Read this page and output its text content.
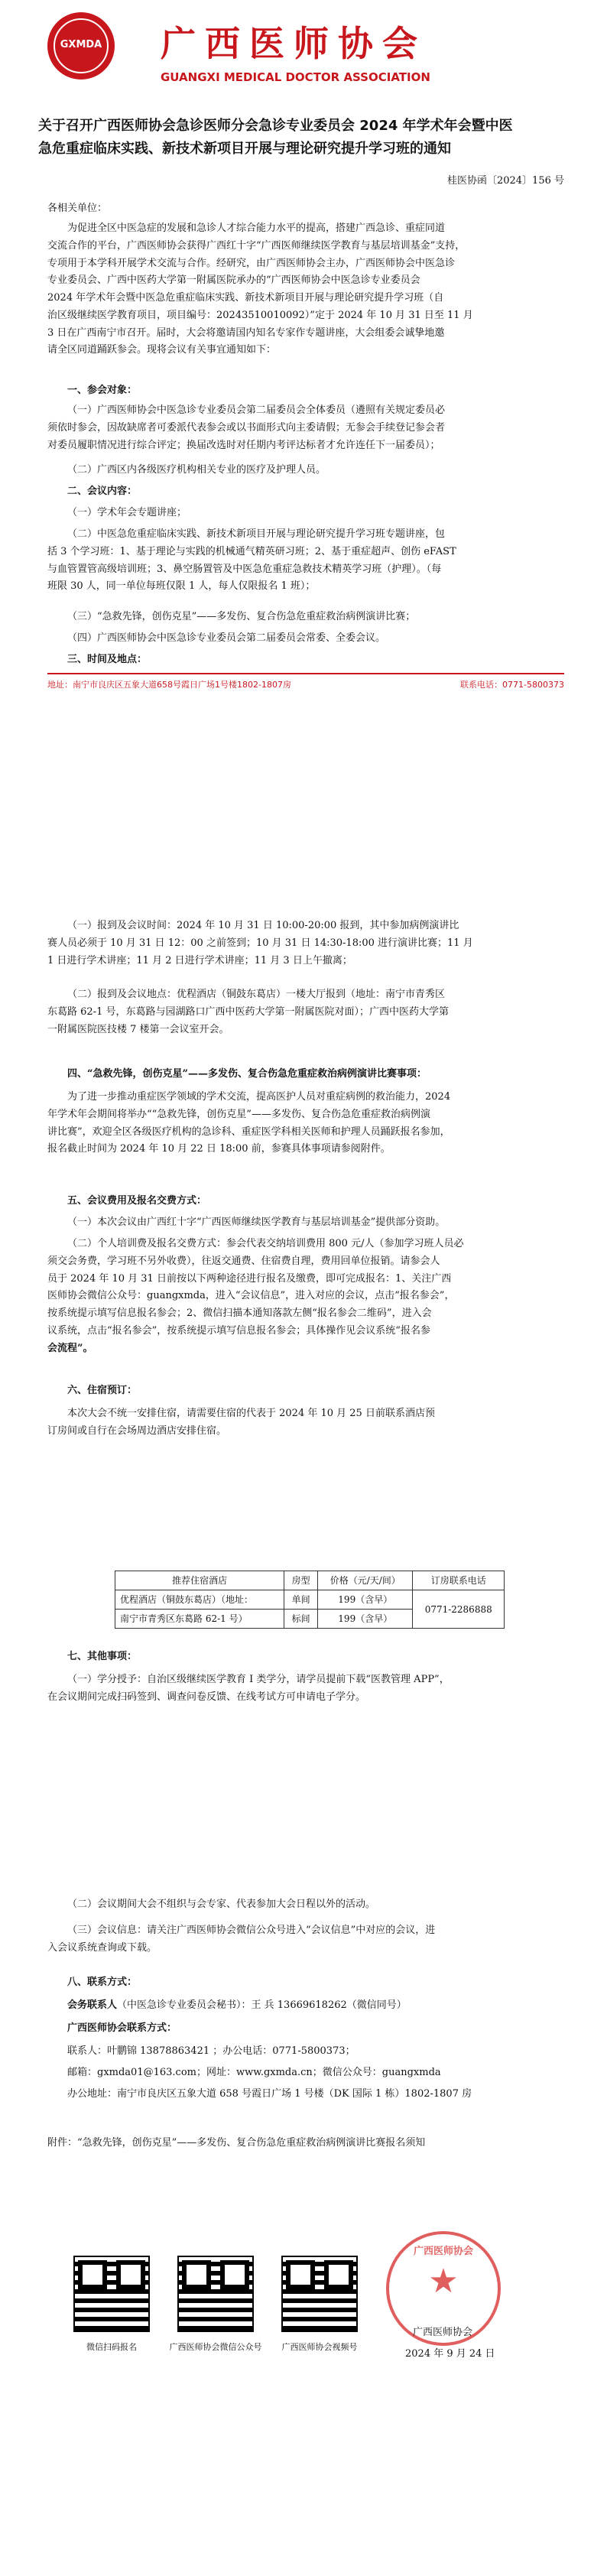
GXMDA	广西医师协会
GUANGXI MEDICAL DOCTOR ASSOCIATION
关于召开广西医师协会急诊医师分会急诊专业委员会 2024 年学术年会暨中医
急危重症临床实践、新技术新项目开展与理论研究提升学习班的通知
桂医协函〔2024〕156 号

各相关单位：

为促进全区中医急症的发展和急诊人才综合能力水平的提高，搭建广西急诊、重症同道
交流合作的平台，广西医师协会获得广西红十字“广西医师继续医学教育与基层培训基金”支持，
专项用于本学科开展学术交流与合作。经研究，由广西医师协会主办，广西医师协会中医急诊
专业委员会、广西中医药大学第一附属医院承办的“广西医师协会中医急诊专业委员会
2024 年学术年会暨中医急危重症临床实践、新技术新项目开展与理论研究提升学习班（自
治区级继续医学教育项目，项目编号：20243510010092）”定于 2024 年 10 月 31 日至 11 月
3 日在广西南宁市召开。届时，大会将邀请国内知名专家作专题讲座，大会组委会诚挚地邀
请全区同道踊跃参会。现将会议有关事宜通知如下：

一、参会对象：

（一）广西医师协会中医急诊专业委员会第二届委员会全体委员（遴照有关规定委员必
须依时参会，因故缺席者可委派代表参会或以书面形式向主委请假；无参会手续登记参会者
对委员履职情况进行综合评定；换届改选时对任期内考评达标者才允许连任下一届委员）；

（二）广西区内各级医疗机构相关专业的医疗及护理人员。

二、会议内容：

（一）学术年会专题讲座；

（二）中医急危重症临床实践、新技术新项目开展与理论研究提升学习班专题讲座，包
括 3 个学习班：1、基于理论与实践的机械通气精英研习班；2、基于重症超声、创伤 eFAST
与血管置管高级培训班；3、鼻空肠置管及中医急危重症急救技术精英学习班（护理）。（每
班限 30 人，同一单位每班仅限 1 人，每人仅限报名 1 班）；

（三）“急救先锋，创伤克星”——多发伤、复合伤急危重症救治病例演讲比赛；

（四）广西医师协会中医急诊专业委员会第二届委员会常委、全委会议。

三、时间及地点：

地址：南宁市良庆区五象大道658号霞日广场1号楼1802-1807房	联系电话：0771-5800373

（一）报到及会议时间：2024 年 10 月 31 日 10:00-20:00 报到，其中参加病例演讲比
赛人员必须于 10 月 31 日 12：00 之前签到；10 月 31 日 14:30-18:00 进行演讲比赛；11 月
1 日进行学术讲座；11 月 2 日进行学术讲座；11 月 3 日上午撤离；

（二）报到及会议地点：优程酒店（铜鼓东葛店）一楼大厅报到（地址：南宁市青秀区
东葛路 62-1 号，东葛路与园湖路口广西中医药大学第一附属医院对面）；广西中医药大学第
一附属医院医技楼 7 楼第一会议室开会。

四、“急救先锋，创伤克星”——多发伤、复合伤急危重症救治病例演讲比赛事项：

为了进一步推动重症医学领域的学术交流，提高医护人员对重症病例的救治能力，2024
年学术年会期间将举办““急救先锋，创伤克星”——多发伤、复合伤急危重症救治病例演
讲比赛”，欢迎全区各级医疗机构的急诊科、重症医学科相关医师和护理人员踊跃报名参加，
报名截止时间为 2024 年 10 月 22 日 18:00 前，参赛具体事项请参阅附件。

五、会议费用及报名交费方式：

（一）本次会议由广西红十字“广西医师继续医学教育与基层培训基金”提供部分资助。

（二）个人培训费及报名交费方式：参会代表交纳培训费用 800 元/人（参加学习班人员必
须交会务费，学习班不另外收费），往返交通费、住宿费自理，费用回单位报销。请参会人
员于 2024 年 10 月 31 日前按以下两种途径进行报名及缴费，即可完成报名：1、关注广西
医师协会微信公众号：guangxmda，进入“会议信息”，进入对应的会议，点击“报名参会”，
按系统提示填写信息报名参会；2、微信扫描本通知落款左侧“报名参会二维码”，进入会
议系统，点击“报名参会”，按系统提示填写信息报名参会；具体操作见会议系统“报名参
会流程”。

六、住宿预订：

本次大会不统一安排住宿，请需要住宿的代表于 2024 年 10 月 25 日前联系酒店预
订房间或自行在会场周边酒店安排住宿。

推荐住宿酒店	房型	价格（元/天/间）	订房联系电话
优程酒店（铜鼓东葛店）（地址：	单间	199（含早）	0771-2286888
南宁市青秀区东葛路 62-1 号）	标间	199（含早）	

七、其他事项：

（一）学分授予：自治区级继续医学教育 I 类学分，请学员提前下载“医教管理 APP”，
在会议期间完成扫码签到、调查问卷反馈、在线考试方可申请电子学分。

（二）会议期间大会不组织与会专家、代表参加大会日程以外的活动。

（三）会议信息：请关注广西医师协会微信公众号进入“会议信息”中对应的会议，进
入会议系统查询或下载。

八、联系方式：

会务联系人（中医急诊专业委员会秘书）：王 兵 13669618262（微信同号）

广西医师协会联系方式：

联系人：叶鹏锦 13878863421 ；办公电话：0771-5800373；

邮箱：gxmda01@163.com；网址：www.gxmda.cn；微信公众号：guangxmda

办公地址：南宁市良庆区五象大道 658 号霞日广场 1 号楼（DK 国际 1 栋）1802-1807 房

附件：“急救先锋，创伤克星”——多发伤、复合伤急危重症救治病例演讲比赛报名须知

微信扫码报名	广西医师协会微信公众号	广西医师协会视频号
广西医师协会
★
广西医师协会
2024 年 9 月 24 日
